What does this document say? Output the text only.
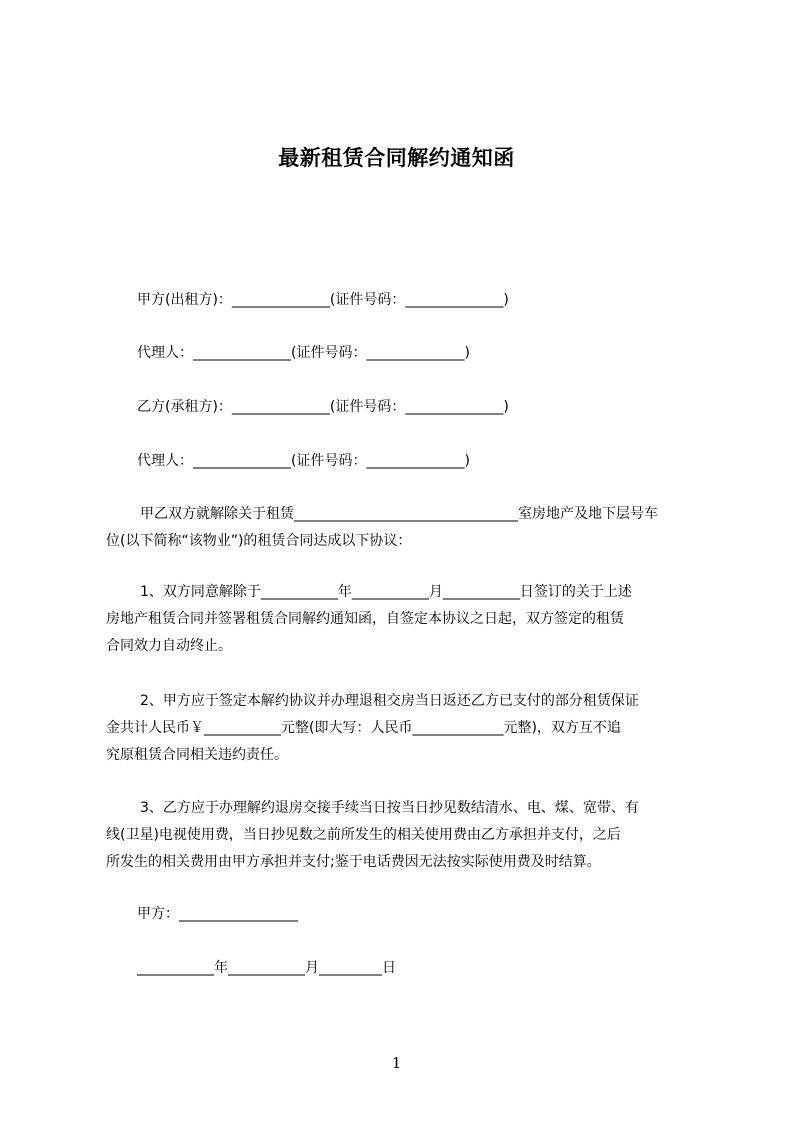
最新租赁合同解约通知函
甲方(出租方)：______________(证件号码：______________)
代理人：______________(证件号码：______________)
乙方(承租方)：______________(证件号码：______________)
代理人：______________(证件号码：______________)
甲乙双方就解除关于租赁________________________________室房地产及地下层号车
位(以下简称“该物业”)的租赁合同达成以下协议：
1、双方同意解除于___________年___________月___________日签订的关于上述
房地产租赁合同并签署租赁合同解约通知函，自签定本协议之日起，双方签定的租赁
合同效力自动终止。
2、甲方应于签定本解约协议并办理退租交房当日返还乙方已支付的部分租赁保证
金共计人民币￥___________元整(即大写：人民币_____________元整)，双方互不追
究原租赁合同相关违约责任。
3、乙方应于办理解约退房交接手续当日按当日抄见数结清水、电、煤、宽带、有
线(卫星)电视使用费，当日抄见数之前所发生的相关使用费由乙方承担并支付，之后
所发生的相关费用由甲方承担并支付;鉴于电话费因无法按实际使用费及时结算。
甲方：_________________
___________年___________月_________日
1
